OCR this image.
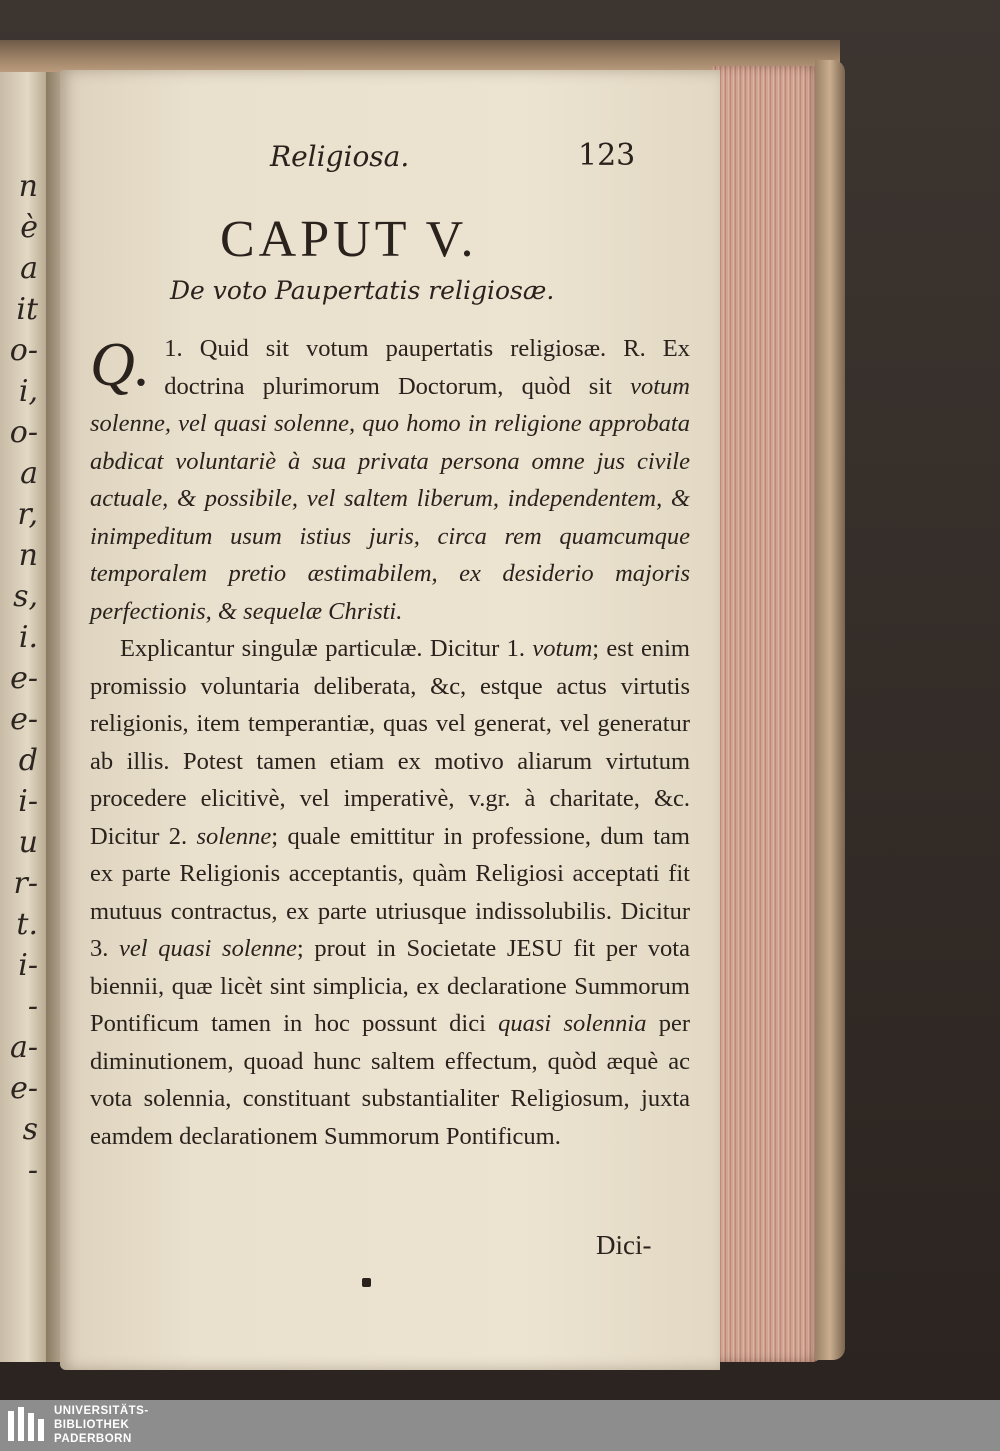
n
è
a
it
o-
i,
o-
a
r,
n
s,
i.
e-
e-
d
i-
u
r-
t.
i-
-
a-
e-
s
-
Religiosa.	123
CAPUT V.
De voto Paupertatis religiosæ.

Q. 1. Quid sit votum paupertatis religiosæ. R. Ex doctrina plurimorum Doctorum, quòd sit votum solenne, vel quasi solenne, quo homo in religione approbata abdicat voluntariè à sua privata persona omne jus civile actuale, & possibile, vel saltem liberum, independentem, & inimpeditum usum istius juris, circa rem quamcumque temporalem pretio æstimabilem, ex desiderio majoris perfectionis, & sequelæ Christi.

Explicantur singulæ particulæ. Dicitur 1. votum; est enim promissio voluntaria deliberata, &c, estque actus virtutis religionis, item temperantiæ, quas vel generat, vel generatur ab illis. Potest tamen etiam ex motivo aliarum virtutum procedere elicitivè, vel imperativè, v.gr. à charitate, &c. Dicitur 2. solenne; quale emittitur in professione, dum tam ex parte Religionis acceptantis, quàm Religiosi acceptati fit mutuus contractus, ex parte utriusque indissolubilis. Dicitur 3. vel quasi solenne; prout in Societate JESU fit per vota biennii, quæ licèt sint simplicia, ex declaratione Summorum Pontificum tamen in hoc possunt dici quasi solennia per diminutionem, quoad hunc saltem effectum, quòd æquè ac vota solennia, constituant substantialiter Religiosum, juxta eamdem declarationem Summorum Pontificum.

Dici-
UNIVERSITÄTS-
BIBLIOTHEK
PADERBORN
